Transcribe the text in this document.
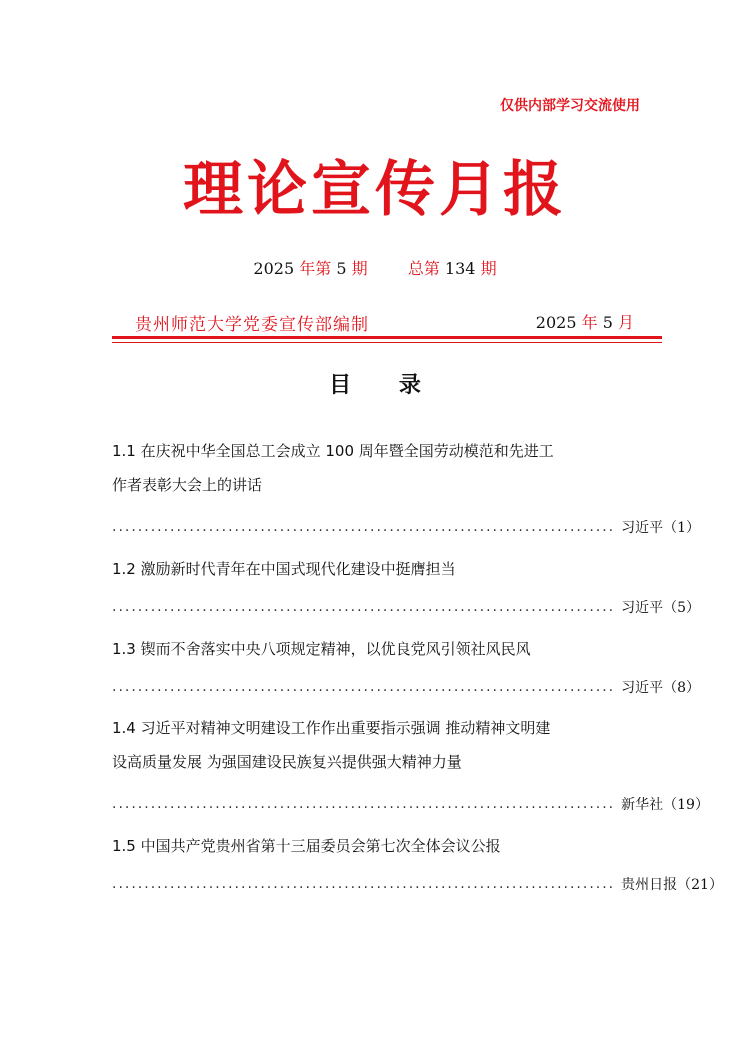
仅供内部学习交流使用
理论宣传月报
2025 年第 5 期	总第 134 期
贵州师范大学党委宣传部编制	2025 年 5 月
目 录
1.1 在庆祝中华全国总工会成立 100 周年暨全国劳动模范和先进工
作者表彰大会上的讲话
.............................................................................. 习近平（1）
1.2 激励新时代青年在中国式现代化建设中挺膺担当
.............................................................................. 习近平（5）
1.3 锲而不舍落实中央八项规定精神，以优良党风引领社风民风
.............................................................................. 习近平（8）
1.4 习近平对精神文明建设工作作出重要指示强调 推动精神文明建
设高质量发展 为强国建设民族复兴提供强大精神力量
.............................................................................. 新华社（19）
1.5 中国共产党贵州省第十三届委员会第七次全体会议公报
.............................................................................. 贵州日报（21）
